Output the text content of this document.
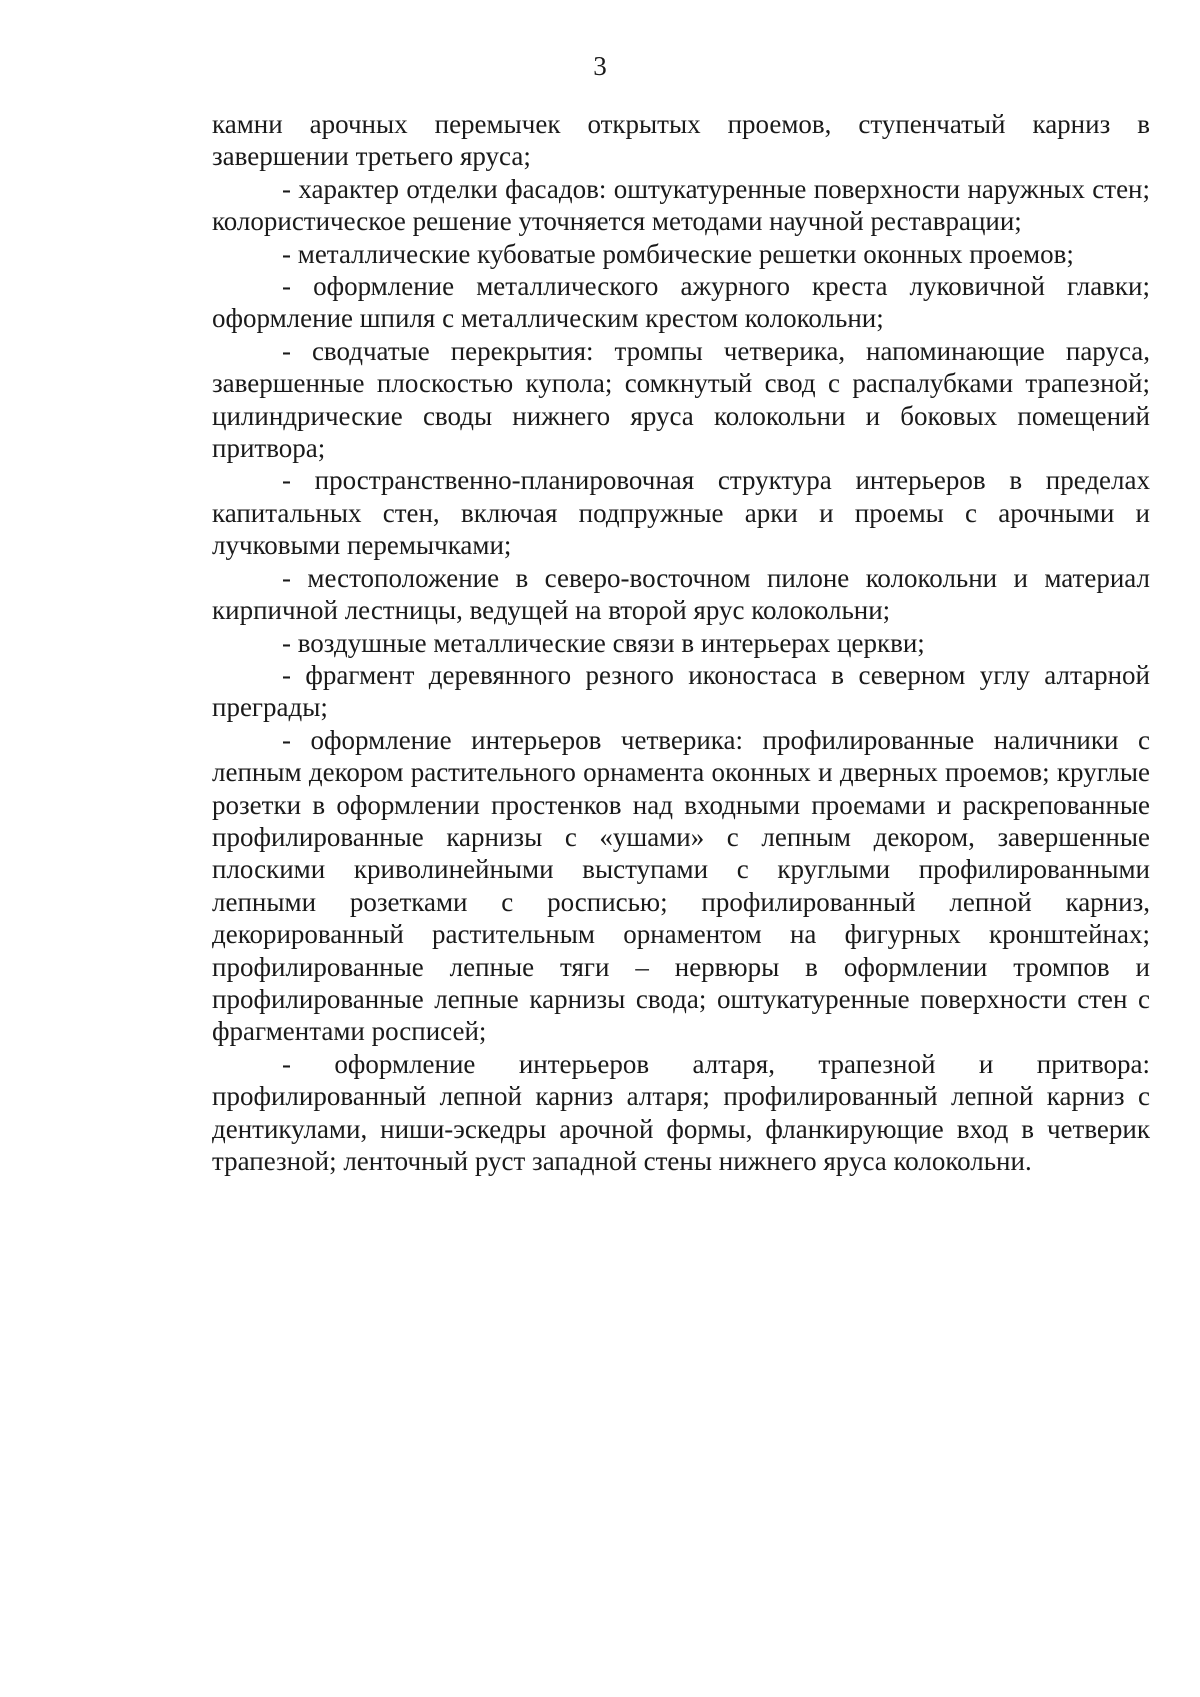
3

камни арочных перемычек открытых проемов, ступенчатый карниз в завершении третьего яруса;

- характер отделки фасадов: оштукатуренные поверхности наружных стен; колористическое решение уточняется методами научной реставрации;

- металлические кубоватые ромбические решетки оконных проемов;

- оформление металлического ажурного креста луковичной главки; оформление шпиля с металлическим крестом колокольни;

- сводчатые перекрытия: тромпы четверика, напоминающие паруса, завершенные плоскостью купола; сомкнутый свод с распалубками трапезной; цилиндрические своды нижнего яруса колокольни и боковых помещений притвора;

- пространственно-планировочная структура интерьеров в пределах капитальных стен, включая подпружные арки и проемы с арочными и лучковыми перемычками;

- местоположение в северо-восточном пилоне колокольни и материал кирпичной лестницы, ведущей на второй ярус колокольни;

- воздушные металлические связи в интерьерах церкви;

- фрагмент деревянного резного иконостаса в северном углу алтарной преграды;

- оформление интерьеров четверика: профилированные наличники с лепным декором растительного орнамента оконных и дверных проемов; круглые розетки в оформлении простенков над входными проемами и раскрепованные профилированные карнизы с «ушами» с лепным декором, завершенные плоскими криволинейными выступами с круглыми профилированными лепными розетками с росписью; профилированный лепной карниз, декорированный растительным орнаментом на фигурных кронштейнах; профилированные лепные тяги – нервюры в оформлении тромпов и профилированные лепные карнизы свода; оштукатуренные поверхности стен с фрагментами росписей;

- оформление интерьеров алтаря, трапезной и притвора: профилированный лепной карниз алтаря; профилированный лепной карниз с дентикулами, ниши-эскедры арочной формы, фланкирующие вход в четверик трапезной; ленточный руст западной стены нижнего яруса колокольни.
